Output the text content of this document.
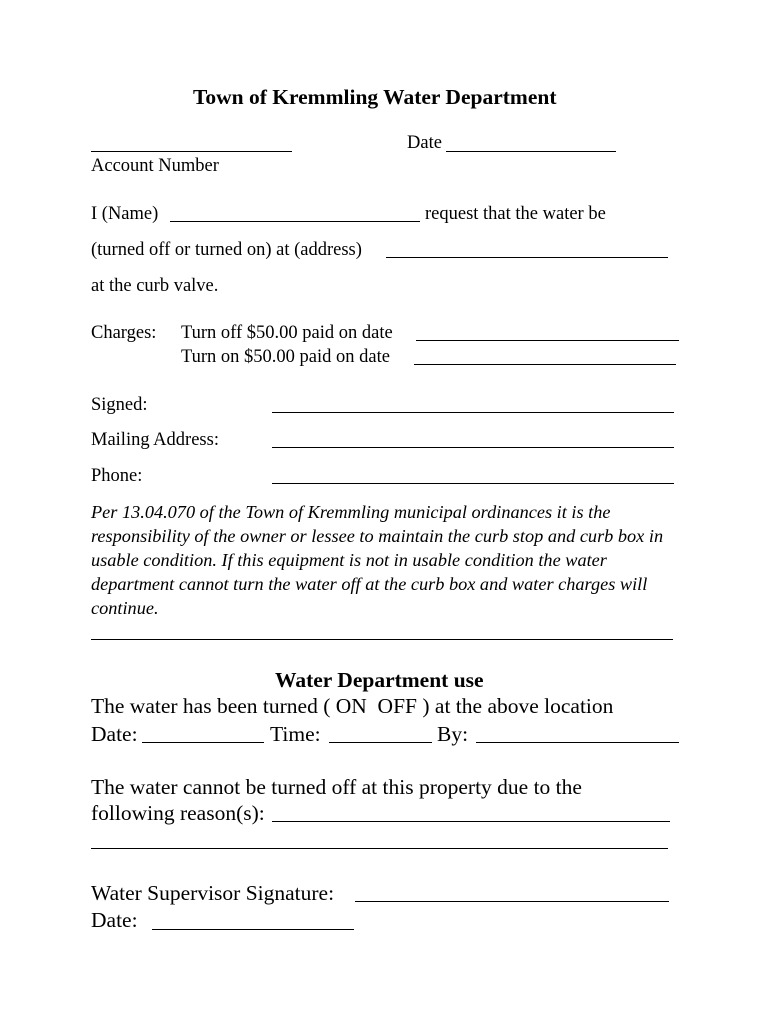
Town of Kremmling Water Department
Account Number
Date
I (Name)	request that the water be
(turned off or turned on) at (address)
at the curb valve.
Charges: Turn off $50.00 paid on date
Turn on $50.00 paid on date
Signed:
Mailing Address:
Phone:
Per 13.04.070 of the Town of Kremmling municipal ordinances it is the responsibility of the owner or lessee to maintain the curb stop and curb box in usable condition. If this equipment is not in usable condition the water department cannot turn the water off at the curb box and water charges will continue.
Water Department use
The water has been turned ( ON  OFF ) at the above location
Date:	Time:	By:
The water cannot be turned off at this property due to the
following reason(s):
Water Supervisor Signature:
Date:
